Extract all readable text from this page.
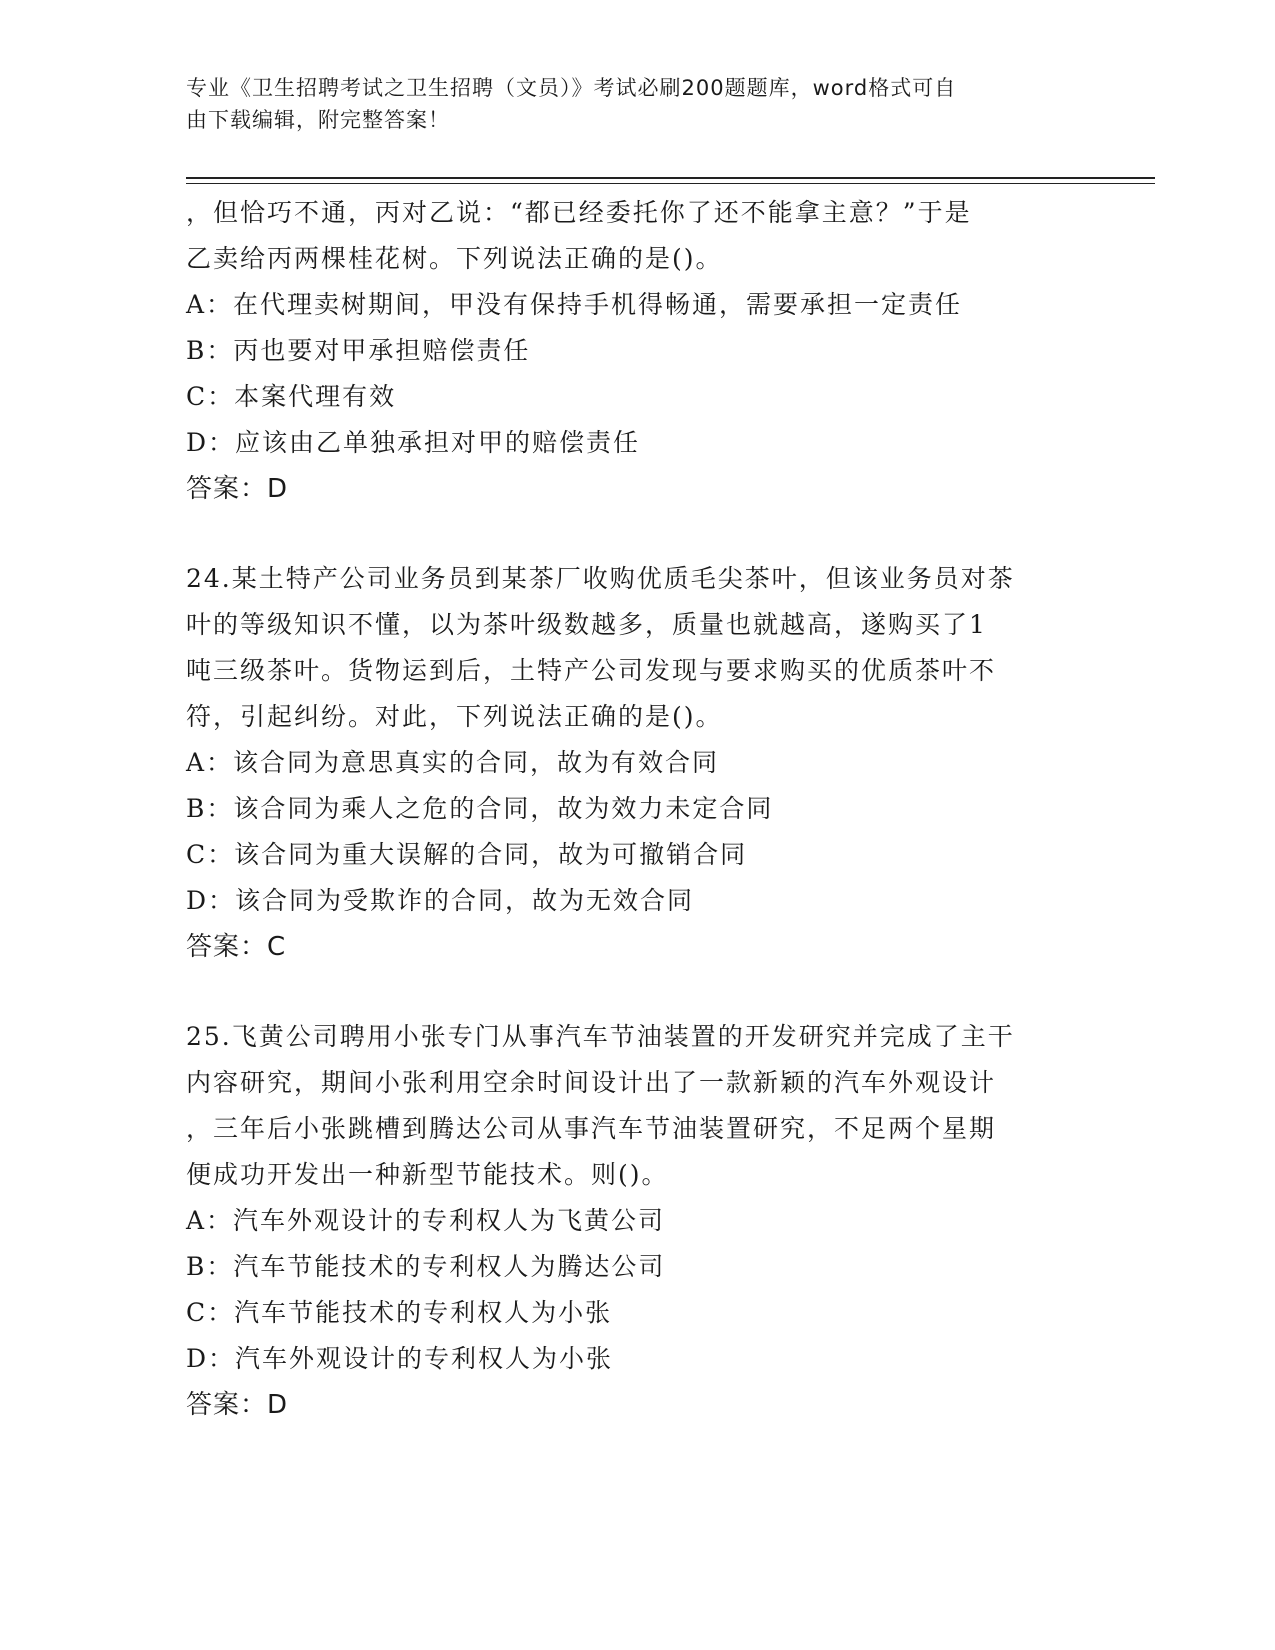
专业《卫生招聘考试之卫生招聘（文员）》考试必刷200题题库，word格式可自
由下载编辑，附完整答案！
，但恰巧不通，丙对乙说：“都已经委托你了还不能拿主意？”于是
乙卖给丙两棵桂花树。下列说法正确的是()。
A：在代理卖树期间，甲没有保持手机得畅通，需要承担一定责任
B：丙也要对甲承担赔偿责任
C：本案代理有效
D：应该由乙单独承担对甲的赔偿责任
答案：D
24.某土特产公司业务员到某茶厂收购优质毛尖茶叶，但该业务员对茶
叶的等级知识不懂，以为茶叶级数越多，质量也就越高，遂购买了1
吨三级茶叶。货物运到后，土特产公司发现与要求购买的优质茶叶不
符，引起纠纷。对此，下列说法正确的是()。
A：该合同为意思真实的合同，故为有效合同
B：该合同为乘人之危的合同，故为效力未定合同
C：该合同为重大误解的合同，故为可撤销合同
D：该合同为受欺诈的合同，故为无效合同
答案：C
25.飞黄公司聘用小张专门从事汽车节油装置的开发研究并完成了主干
内容研究，期间小张利用空余时间设计出了一款新颖的汽车外观设计
，三年后小张跳槽到腾达公司从事汽车节油装置研究，不足两个星期
便成功开发出一种新型节能技术。则()。
A：汽车外观设计的专利权人为飞黄公司
B：汽车节能技术的专利权人为腾达公司
C：汽车节能技术的专利权人为小张
D：汽车外观设计的专利权人为小张
答案：D
